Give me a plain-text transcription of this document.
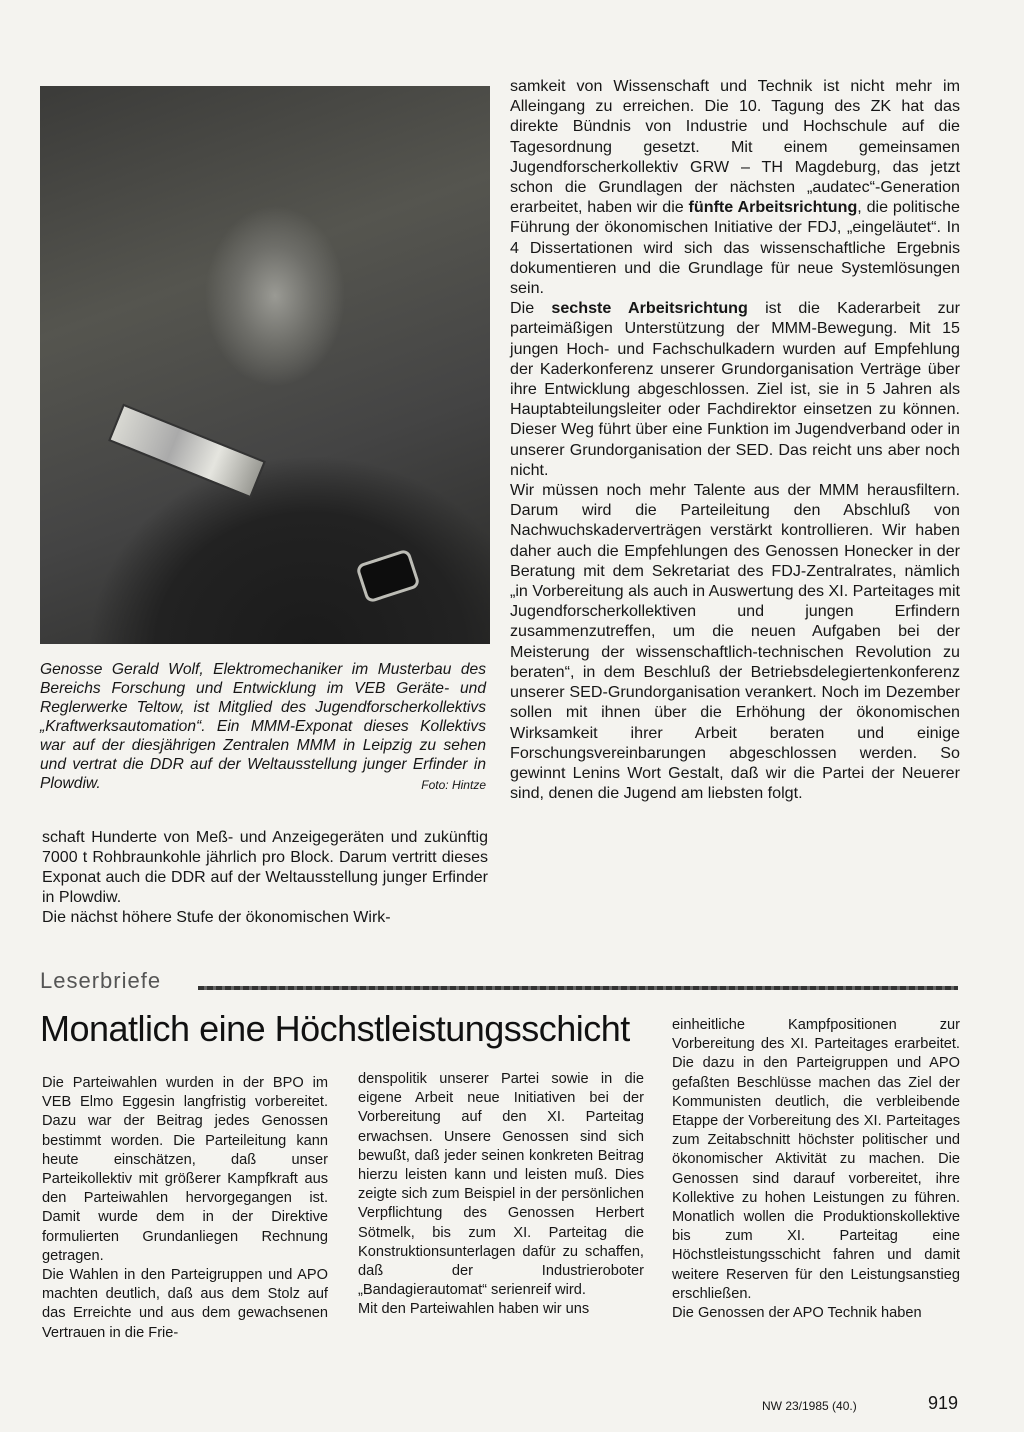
Genosse Gerald Wolf, Elektromechaniker im Musterbau des Bereichs Forschung und Entwicklung im VEB Geräte- und Reglerwerke Teltow, ist Mitglied des Jugendforscherkollektivs „Kraftwerksautomation“. Ein MMM-Exponat dieses Kollektivs war auf der diesjährigen Zentralen MMM in Leipzig zu sehen und vertrat die DDR auf der Weltausstellung junger Erfinder in Plowdiw.	Foto: Hintze

schaft Hunderte von Meß- und Anzeigegeräten und zukünftig 7000 t Rohbraunkohle jährlich pro Block. Darum vertritt dieses Exponat auch die DDR auf der Weltausstellung junger Erfinder in Plowdiw.

Die nächst höhere Stufe der ökonomischen Wirk-

samkeit von Wissenschaft und Technik ist nicht mehr im Alleingang zu erreichen. Die 10. Tagung des ZK hat das direkte Bündnis von Industrie und Hochschule auf die Tagesordnung gesetzt. Mit einem gemeinsamen Jugendforscherkollektiv GRW – TH Magdeburg, das jetzt schon die Grundlagen der nächsten „audatec“-Generation erarbeitet, haben wir die fünfte Arbeitsrichtung, die politische Führung der ökonomischen Initiative der FDJ, „eingeläutet“. In 4 Dissertationen wird sich das wissenschaftliche Ergebnis dokumentieren und die Grundlage für neue Systemlösungen sein.

Die sechste Arbeitsrichtung ist die Kaderarbeit zur parteimäßigen Unterstützung der MMM-Bewegung. Mit 15 jungen Hoch- und Fachschulkadern wurden auf Empfehlung der Kaderkonferenz unserer Grundorganisation Verträge über ihre Entwicklung abgeschlossen. Ziel ist, sie in 5 Jahren als Hauptabteilungsleiter oder Fachdirektor einsetzen zu können. Dieser Weg führt über eine Funktion im Jugendverband oder in unserer Grundorganisation der SED. Das reicht uns aber noch nicht.

Wir müssen noch mehr Talente aus der MMM herausfiltern. Darum wird die Parteileitung den Abschluß von Nachwuchskaderverträgen verstärkt kontrollieren. Wir haben daher auch die Empfehlungen des Genossen Honecker in der Beratung mit dem Sekretariat des FDJ-Zentralrates, nämlich „in Vorbereitung als auch in Auswertung des XI. Parteitages mit Jugendforscherkollektiven und jungen Erfindern zusammenzutreffen, um die neuen Aufgaben bei der Meisterung der wissenschaftlich-technischen Revolution zu beraten“, in dem Beschluß der Betriebsdelegiertenkonferenz unserer SED-Grundorganisation verankert. Noch im Dezember sollen mit ihnen über die Erhöhung der ökonomischen Wirksamkeit ihrer Arbeit beraten und einige Forschungsvereinbarungen abgeschlossen werden. So gewinnt Lenins Wort Gestalt, daß wir die Partei der Neuerer sind, denen die Jugend am liebsten folgt.

Leserbriefe
Monatlich eine Höchstleistungsschicht

Die Parteiwahlen wurden in der BPO im VEB Elmo Eggesin langfristig vorbereitet. Dazu war der Beitrag jedes Genossen bestimmt worden. Die Parteileitung kann heute einschätzen, daß unser Parteikollektiv mit größerer Kampfkraft aus den Parteiwahlen hervorgegangen ist. Damit wurde dem in der Direktive formulierten Grundanliegen Rechnung getragen.

Die Wahlen in den Parteigruppen und APO machten deutlich, daß aus dem Stolz auf das Erreichte und aus dem gewachsenen Vertrauen in die Frie-

denspolitik unserer Partei sowie in die eigene Arbeit neue Initiativen bei der Vorbereitung auf den XI. Parteitag erwachsen. Unsere Genossen sind sich bewußt, daß jeder seinen konkreten Beitrag hierzu leisten kann und leisten muß. Dies zeigte sich zum Beispiel in der persönlichen Verpflichtung des Genossen Herbert Sötmelk, bis zum XI. Parteitag die Konstruktionsunterlagen dafür zu schaffen, daß der Industrieroboter „Bandagierautomat“ serienreif wird.

Mit den Parteiwahlen haben wir uns

einheitliche Kampfpositionen zur Vorbereitung des XI. Parteitages erarbeitet. Die dazu in den Parteigruppen und APO gefaßten Beschlüsse machen das Ziel der Kommunisten deutlich, die verbleibende Etappe der Vorbereitung des XI. Parteitages zum Zeitabschnitt höchster politischer und ökonomischer Aktivität zu machen. Die Genossen sind darauf vorbereitet, ihre Kollektive zu hohen Leistungen zu führen. Monatlich wollen die Produktionskollektive bis zum XI. Parteitag eine Höchstleistungsschicht fahren und damit weitere Reserven für den Leistungsanstieg erschließen.

Die Genossen der APO Technik haben

NW 23/1985 (40.)	919
